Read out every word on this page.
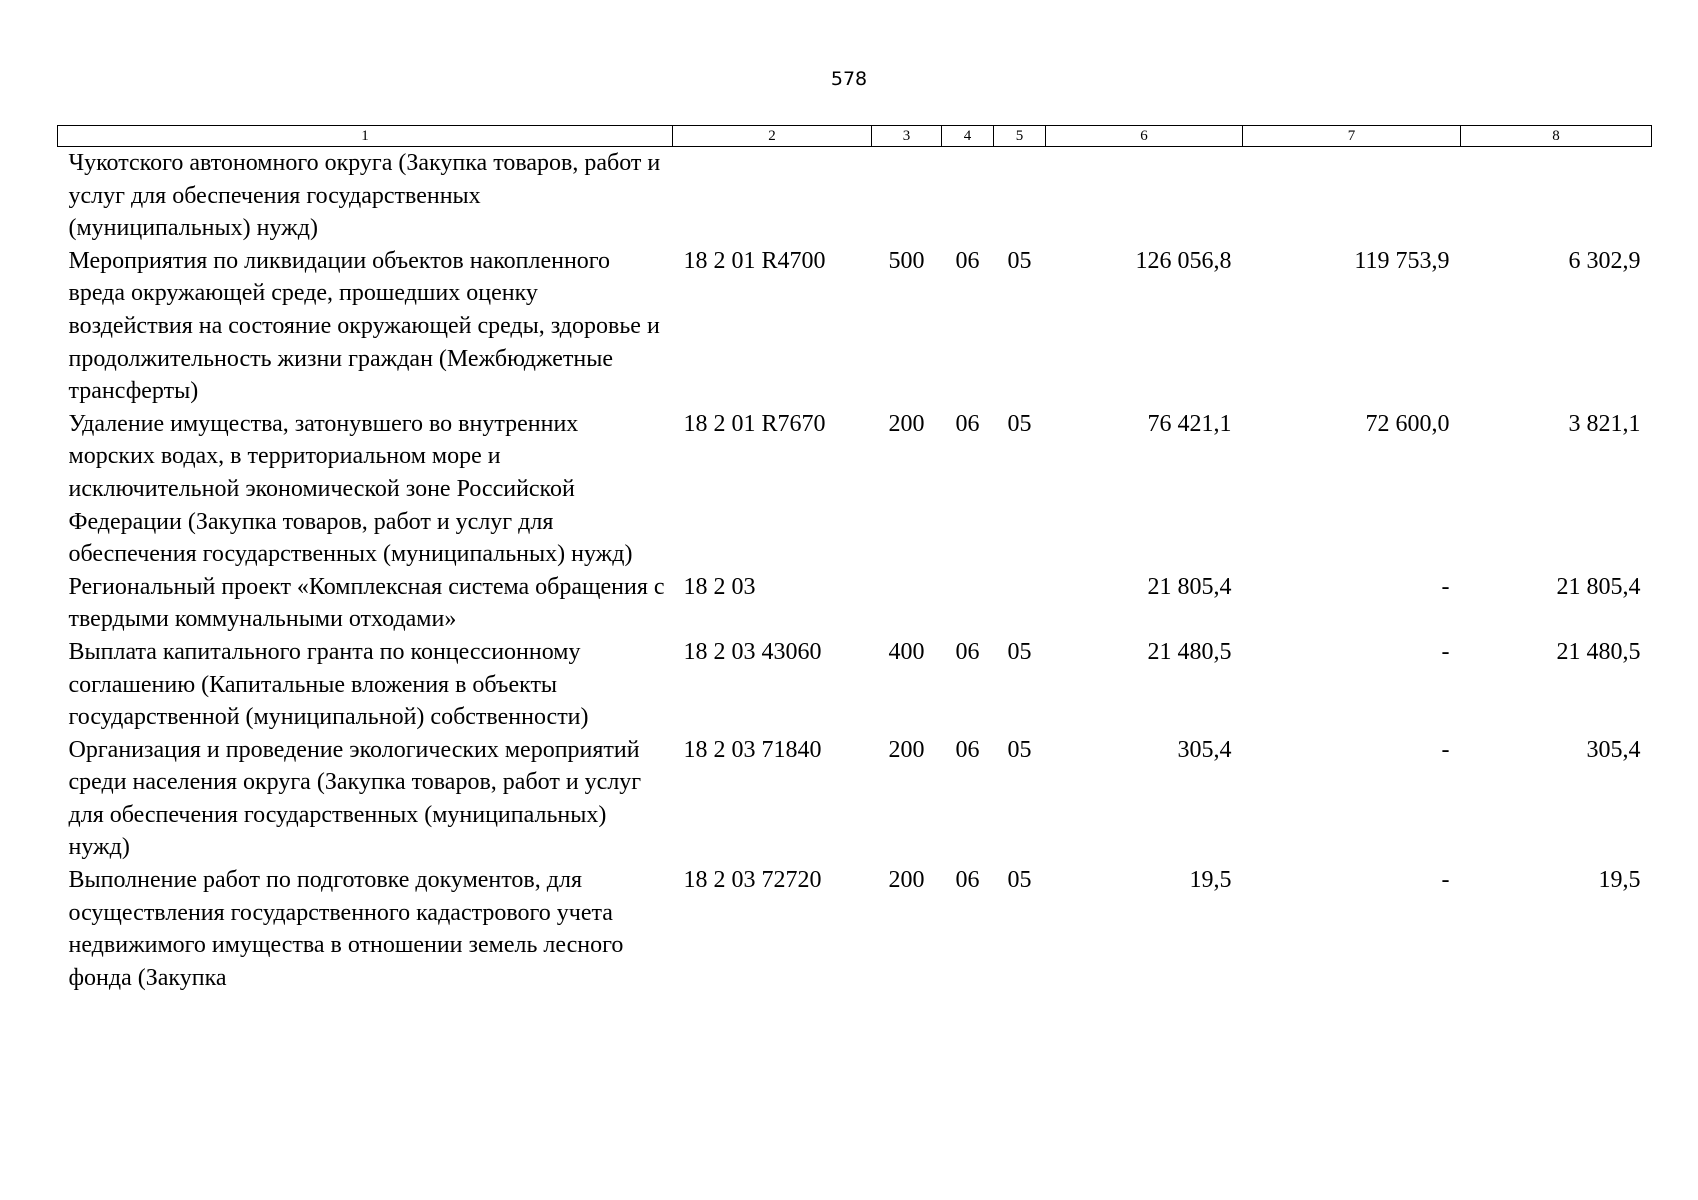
578
1	2	3	4	5	6	7	8
Чукотского автономного округа (Закупка товаров, работ и услуг для обеспечения государственных (муниципальных) нужд)							
Мероприятия по ликвидации объектов накопленного вреда окружающей среде, прошедших оценку воздействия на состояние окружающей среды, здоровье и продолжительность жизни граждан (Межбюджетные трансферты)	18 2 01 R4700	500	06	05	126 056,8	119 753,9	6 302,9
Удаление имущества, затонувшего во внутренних морских водах, в территориальном море и исключительной экономической зоне Российской Федерации (Закупка товаров, работ и услуг для обеспечения государственных (муниципальных) нужд)	18 2 01 R7670	200	06	05	76 421,1	72 600,0	3 821,1
Региональный проект «Комплексная система обращения с твердыми коммунальными отходами»	18 2 03				21 805,4	-	21 805,4
Выплата капитального гранта по концессионному соглашению (Капитальные вложения в объекты государственной (муниципальной) собственности)	18 2 03 43060	400	06	05	21 480,5	-	21 480,5
Организация и проведение экологических мероприятий среди населения округа (Закупка товаров, работ и услуг для обеспечения государственных (муниципальных) нужд)	18 2 03 71840	200	06	05	305,4	-	305,4
Выполнение работ по подготовке документов, для осуществления государственного кадастрового учета недвижимого имущества в отношении земель лесного фонда (Закупка	18 2 03 72720	200	06	05	19,5	-	19,5
